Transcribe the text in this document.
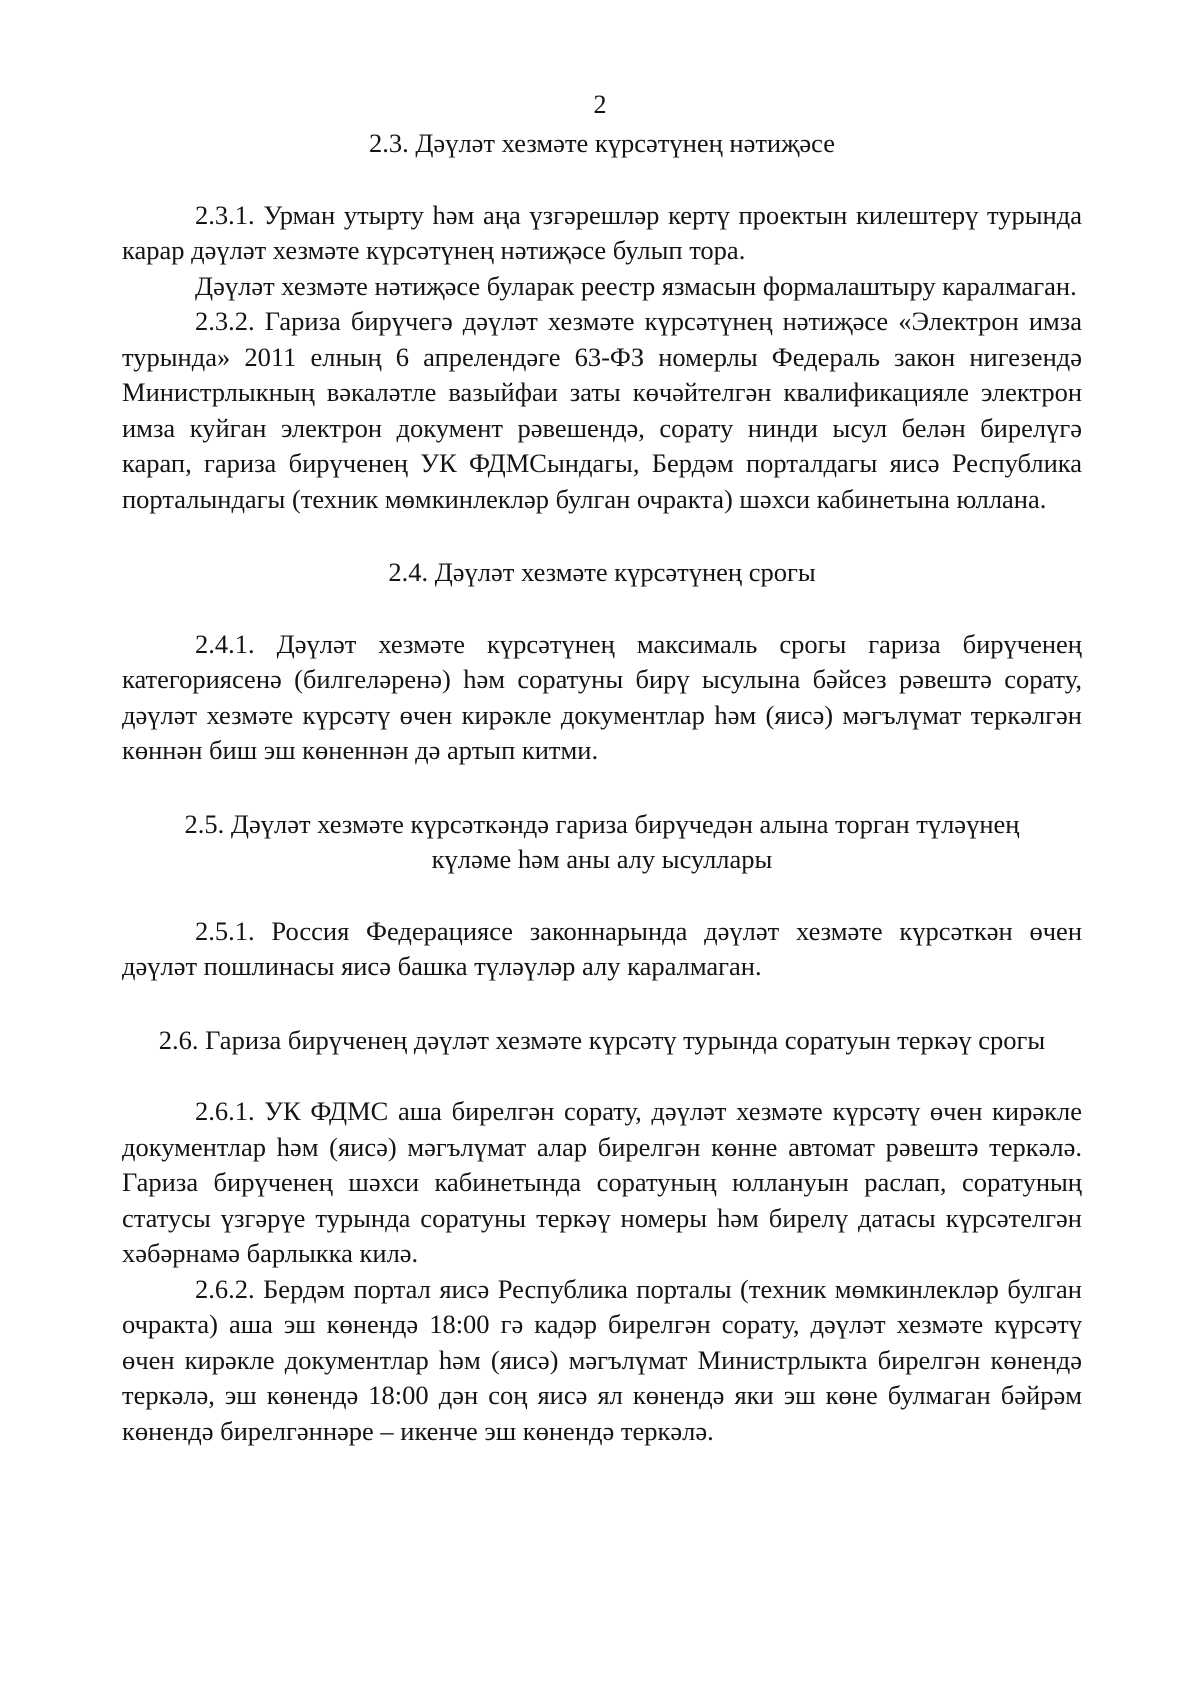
2
2.3. Дәүләт хезмәте күрсәтүнең нәтиҗәсе

2.3.1. Урман утырту һәм аңа үзгәрешләр кертү проектын килештерү турында карар дәүләт хезмәте күрсәтүнең нәтиҗәсе булып тора.

Дәүләт хезмәте нәтиҗәсе буларак реестр язмасын формалаштыру каралмаган.

2.3.2. Гариза бирүчегә дәүләт хезмәте күрсәтүнең нәтиҗәсе «Электрон имза турында» 2011 елның 6 апрелендәге 63-ФЗ номерлы Федераль закон нигезендә Министрлыкның вәкаләтле вазыйфаи заты көчәйтелгән квалификацияле электрон имза куйган электрон документ рәвешендә, сорату нинди ысул белән бирелүгә карап, гариза бирүченең УК ФДМСындагы, Бердәм порталдагы яисә Республика порталындагы (техник мөмкинлекләр булган очракта) шәхси кабинетына юллана.

2.4. Дәүләт хезмәте күрсәтүнең срогы

2.4.1. Дәүләт хезмәте күрсәтүнең максималь срогы гариза бирүченең категориясенә (билгеләренә) һәм соратуны бирү ысулына бәйсез рәвештә сорату, дәүләт хезмәте күрсәтү өчен кирәкле документлар һәм (яисә) мәгълүмат теркәлгән көннән биш эш көненнән дә артып китми.

2.5. Дәүләт хезмәте күрсәткәндә гариза бирүчедән алына торган түләүнең күләме һәм аны алу ысуллары

2.5.1. Россия Федерациясе законнарында дәүләт хезмәте күрсәткән өчен дәүләт пошлинасы яисә башка түләүләр алу каралмаган.

2.6. Гариза бирүченең дәүләт хезмәте күрсәтү турында соратуын теркәү срогы

2.6.1. УК ФДМС аша бирелгән сорату, дәүләт хезмәте күрсәтү өчен кирәкле документлар һәм (яисә) мәгълүмат алар бирелгән көнне автомат рәвештә теркәлә. Гариза бирүченең шәхси кабинетында соратуның юллануын раслап, соратуның статусы үзгәрүе турында соратуны теркәү номеры һәм бирелү датасы күрсәтелгән хәбәрнамә барлыкка килә.

2.6.2. Бердәм портал яисә Республика порталы (техник мөмкинлекләр булган очракта) аша эш көнендә 18:00 гә кадәр бирелгән сорату, дәүләт хезмәте күрсәтү өчен кирәкле документлар һәм (яисә) мәгълүмат Министрлыкта бирелгән көнендә теркәлә, эш көнендә 18:00 дән соң яисә ял көнендә яки эш көне булмаган бәйрәм көнендә бирелгәннәре – икенче эш көнендә теркәлә.
